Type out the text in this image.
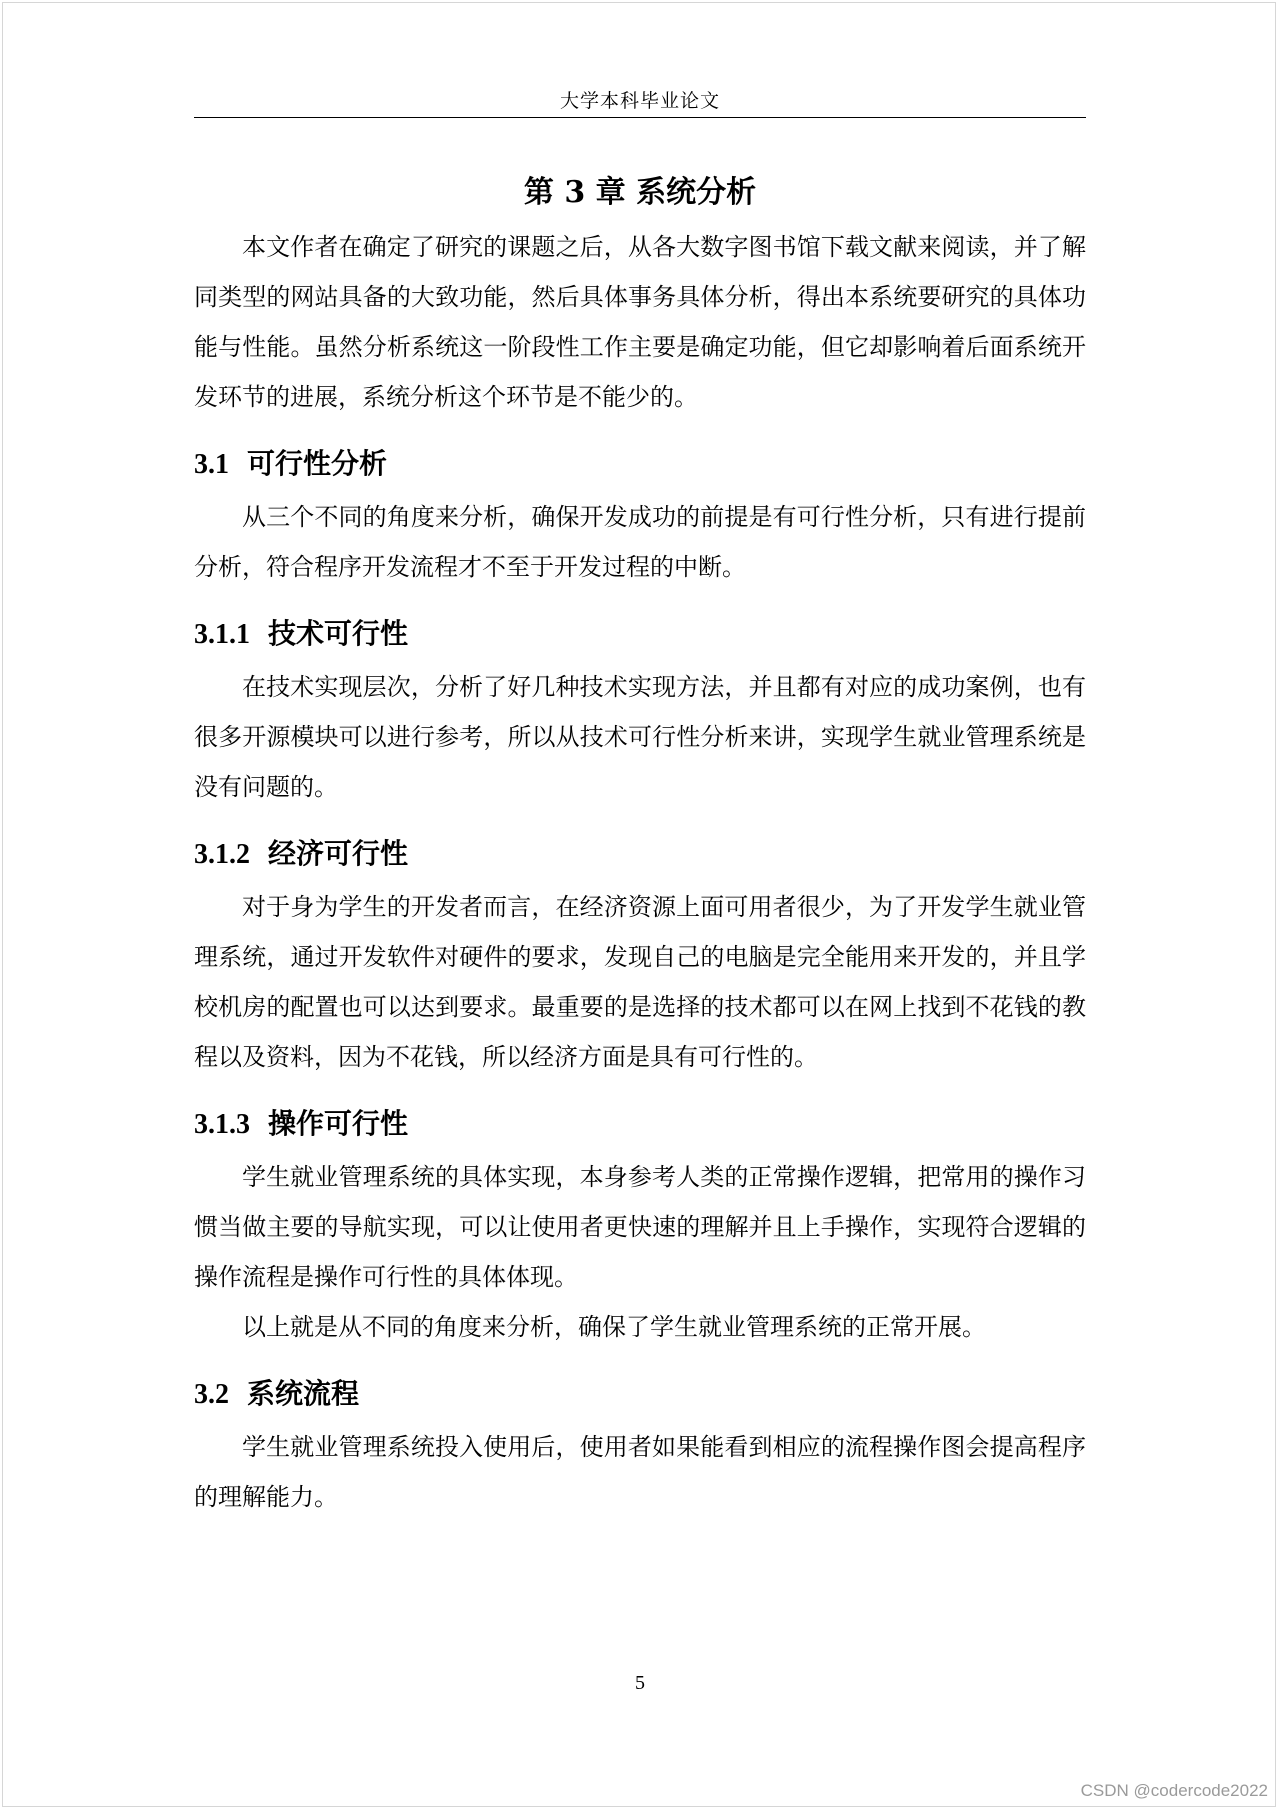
大学本科毕业论文
第 3 章 系统分析

本文作者在确定了研究的课题之后，从各大数字图书馆下载文献来阅读，并了解同类型的网站具备的大致功能，然后具体事务具体分析，得出本系统要研究的具体功能与性能。虽然分析系统这一阶段性工作主要是确定功能，但它却影响着后面系统开发环节的进展，系统分析这个环节是不能少的。

3.1 可行性分析

从三个不同的角度来分析，确保开发成功的前提是有可行性分析，只有进行提前分析，符合程序开发流程才不至于开发过程的中断。

3.1.1 技术可行性

在技术实现层次，分析了好几种技术实现方法，并且都有对应的成功案例，也有很多开源模块可以进行参考，所以从技术可行性分析来讲，实现学生就业管理系统是没有问题的。

3.1.2 经济可行性

对于身为学生的开发者而言，在经济资源上面可用者很少，为了开发学生就业管理系统，通过开发软件对硬件的要求，发现自己的电脑是完全能用来开发的，并且学校机房的配置也可以达到要求。最重要的是选择的技术都可以在网上找到不花钱的教程以及资料，因为不花钱，所以经济方面是具有可行性的。

3.1.3 操作可行性

学生就业管理系统的具体实现，本身参考人类的正常操作逻辑，把常用的操作习惯当做主要的导航实现，可以让使用者更快速的理解并且上手操作，实现符合逻辑的操作流程是操作可行性的具体体现。

以上就是从不同的角度来分析，确保了学生就业管理系统的正常开展。

3.2 系统流程

学生就业管理系统投入使用后，使用者如果能看到相应的流程操作图会提高程序的理解能力。

5
CSDN @codercode2022
